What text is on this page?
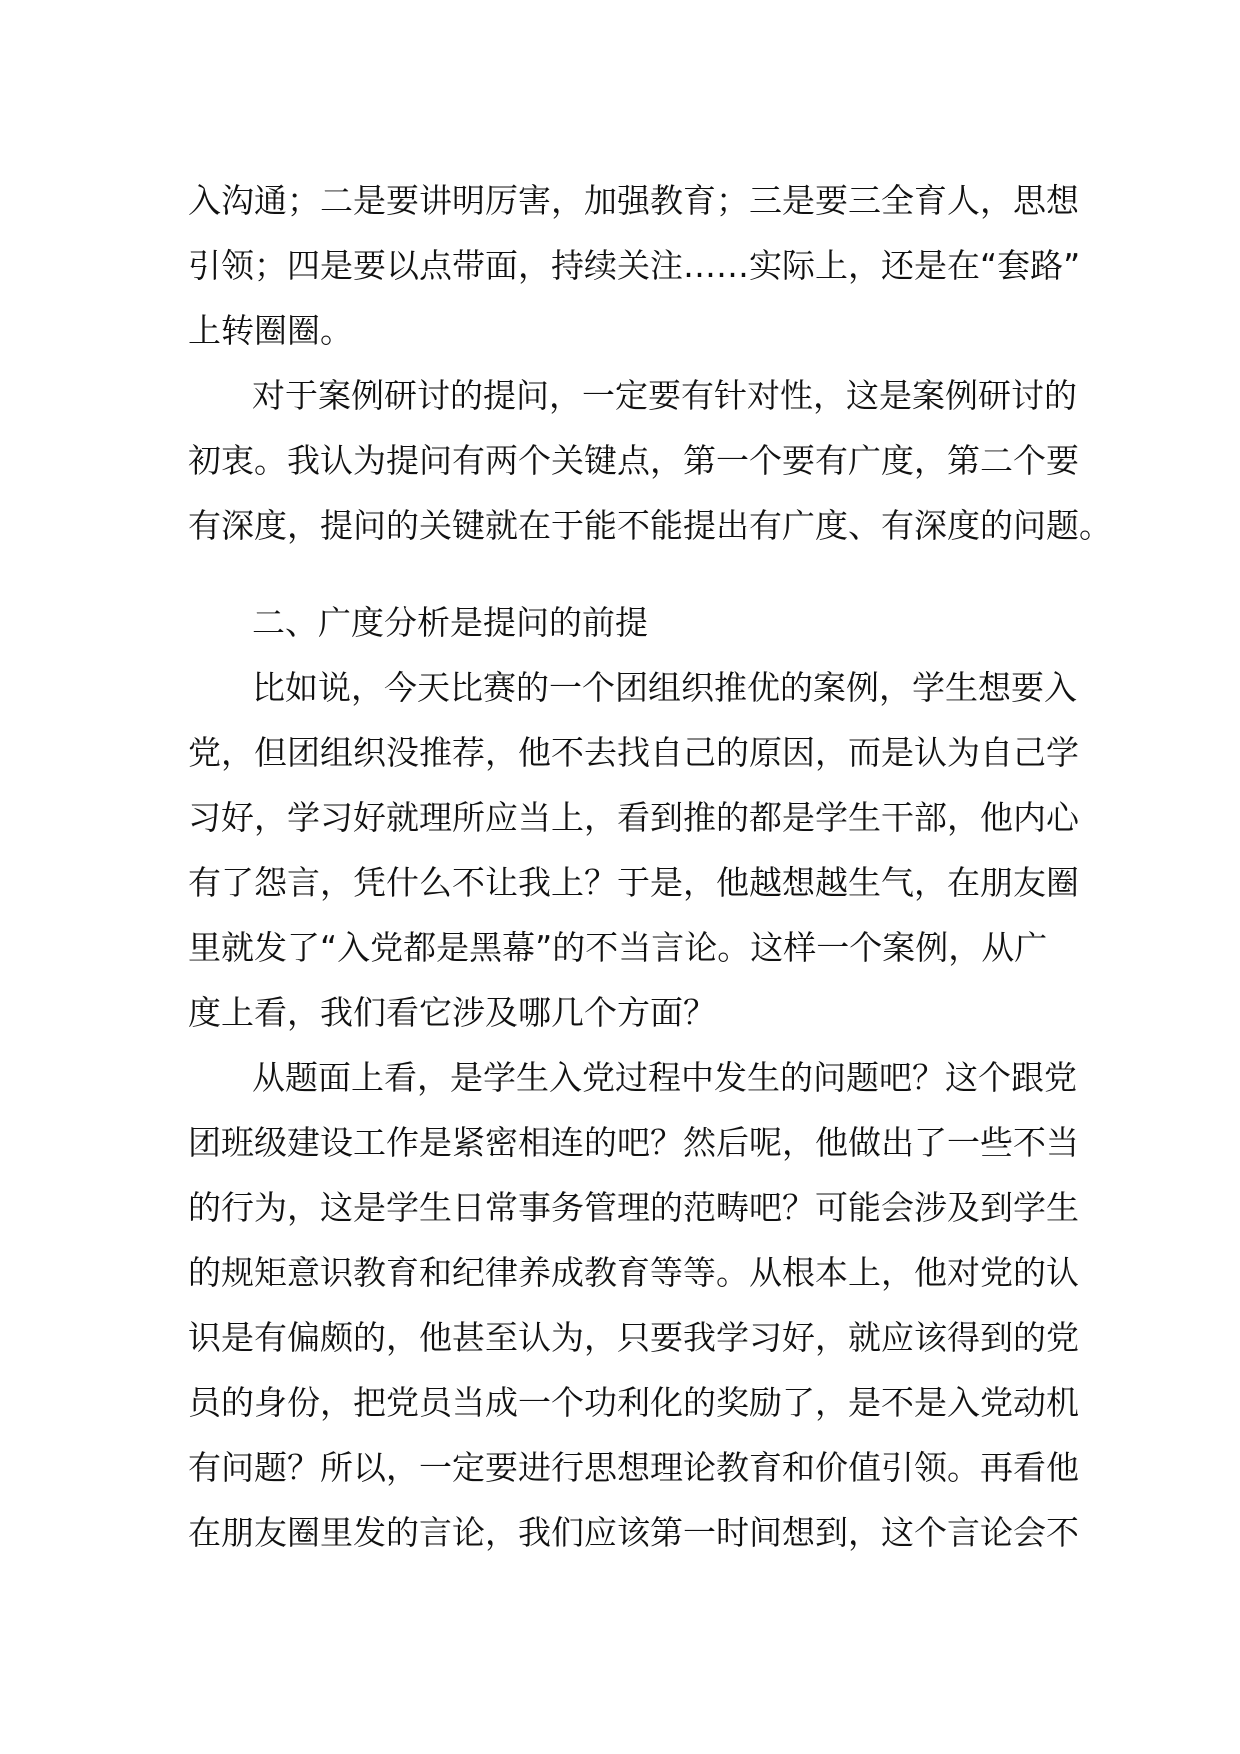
入沟通；二是要讲明厉害，加强教育；三是要三全育人，思想
引领；四是要以点带面，持续关注……实际上，还是在“套路”
上转圈圈。
对于案例研讨的提问，一定要有针对性，这是案例研讨的
初衷。我认为提问有两个关键点，第一个要有广度，第二个要
有深度，提问的关键就在于能不能提出有广度、有深度的问题。
二、广度分析是提问的前提
比如说，今天比赛的一个团组织推优的案例，学生想要入
党，但团组织没推荐，他不去找自己的原因，而是认为自己学
习好，学习好就理所应当上，看到推的都是学生干部，他内心
有了怨言，凭什么不让我上？于是，他越想越生气，在朋友圈
里就发了“入党都是黑幕”的不当言论。这样一个案例，从广
度上看，我们看它涉及哪几个方面？
从题面上看，是学生入党过程中发生的问题吧？这个跟党
团班级建设工作是紧密相连的吧？然后呢，他做出了一些不当
的行为，这是学生日常事务管理的范畴吧？可能会涉及到学生
的规矩意识教育和纪律养成教育等等。从根本上，他对党的认
识是有偏颇的，他甚至认为，只要我学习好，就应该得到的党
员的身份，把党员当成一个功利化的奖励了，是不是入党动机
有问题？所以，一定要进行思想理论教育和价值引领。再看他
在朋友圈里发的言论，我们应该第一时间想到，这个言论会不
